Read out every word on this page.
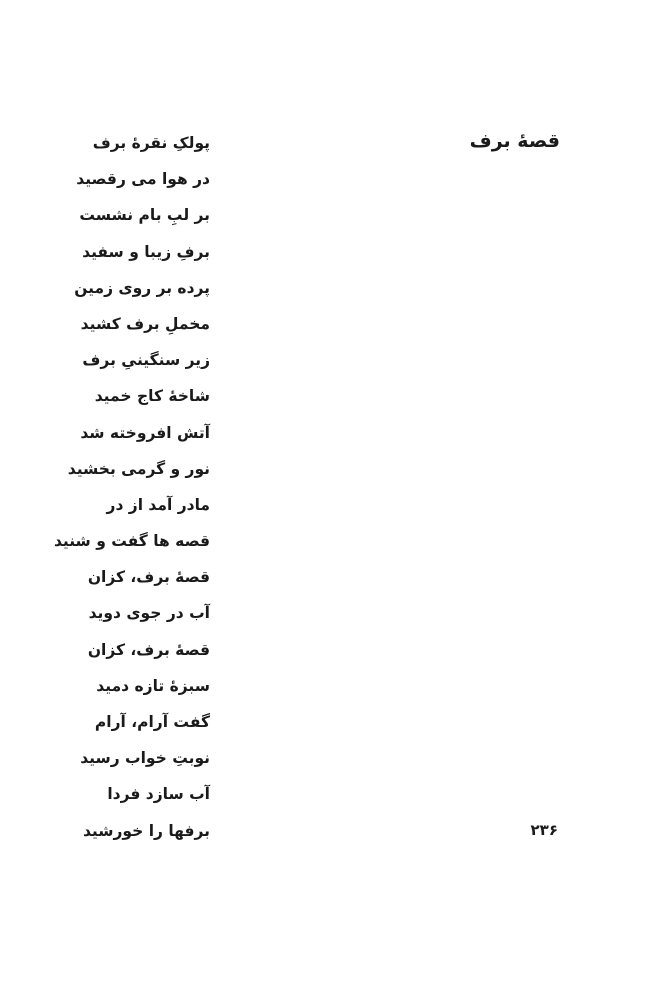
قصهٔ برف
پولکِ نقرهٔ برف
در هوا می رقصید
بر لبِ بام نشست
برفِ زیبا و سفید
پرده بر روی زمین
مخملِ برف کشید
زیر سنگینیِ برف
شاخهٔ کاج خمید
آتش افروخته شد
نور و گرمی بخشید
مادر آمد از در
قصه ها گفت و شنید
قصهٔ برف، کزان
آب در جوی دوید
قصهٔ برف، کزان
سبزهٔ تازه دمید
گفت آرام، آرام
نوبتِ خواب رسید
آب سازد فردا
برفها را خورشید	۲۳۶
